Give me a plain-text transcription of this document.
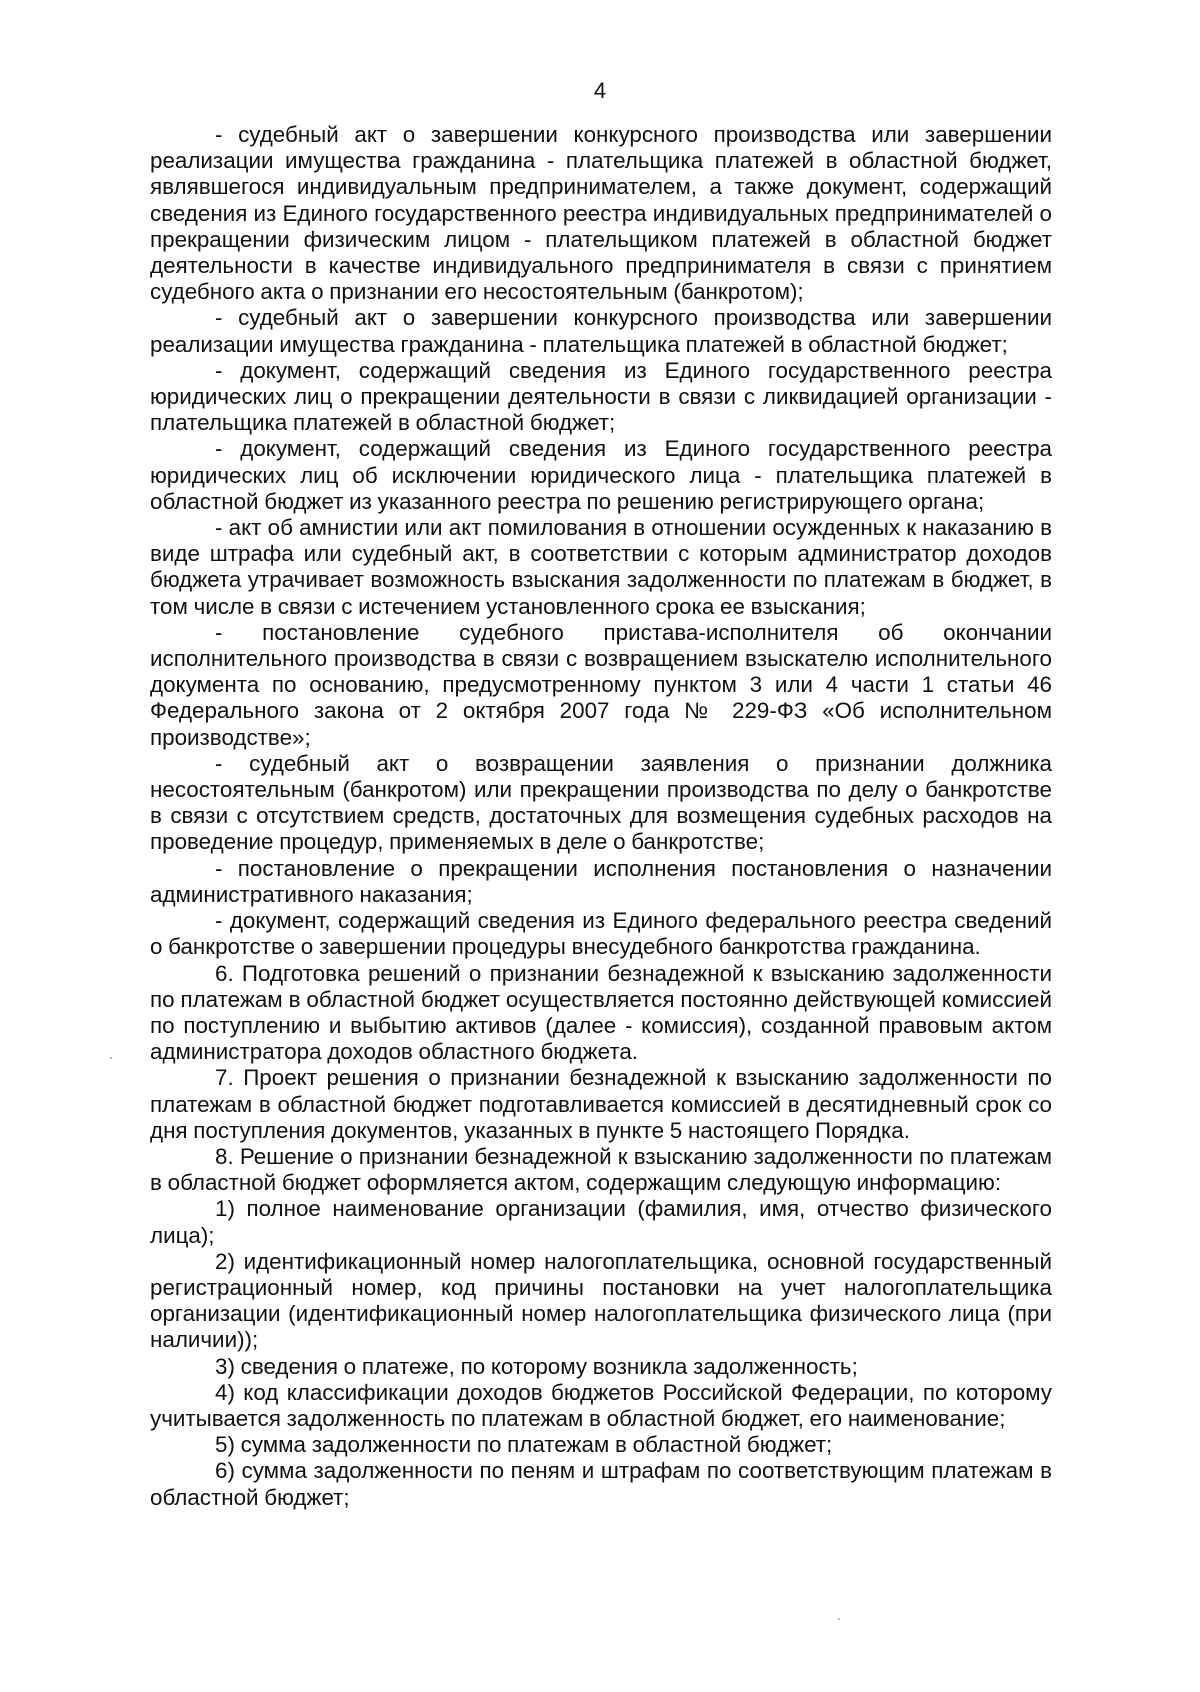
4

- судебный акт о завершении конкурсного производства или завершении реализации имущества гражданина - плательщика платежей в областной бюджет, являвшегося индивидуальным предпринимателем, а также документ, содержащий сведения из Единого государственного реестра индивидуальных предпринимателей о прекращении физическим лицом - плательщиком платежей в областной бюджет деятельности в качестве индивидуального предпринимателя в связи с принятием судебного акта о признании его несостоятельным (банкротом);

- судебный акт о завершении конкурсного производства или завершении реализации имущества гражданина - плательщика платежей в областной бюджет;

- документ, содержащий сведения из Единого государственного реестра юридических лиц о прекращении деятельности в связи с ликвидацией организации - плательщика платежей в областной бюджет;

- документ, содержащий сведения из Единого государственного реестра юридических лиц об исключении юридического лица - плательщика платежей в областной бюджет из указанного реестра по решению регистрирующего органа;

- акт об амнистии или акт помилования в отношении осужденных к наказанию в виде штрафа или судебный акт, в соответствии с которым администратор доходов бюджета утрачивает возможность взыскания задолженности по платежам в бюджет, в том числе в связи с истечением установленного срока ее взыскания;

- постановление судебного пристава-исполнителя об окончании исполнительного производства в связи с возвращением взыскателю исполнительного документа по основанию, предусмотренному пунктом 3 или 4 части 1 статьи 46 Федерального закона от 2 октября 2007 года № 229-ФЗ «Об исполнительном производстве»;

- судебный акт о возвращении заявления о признании должника несостоятельным (банкротом) или прекращении производства по делу о банкротстве в связи с отсутствием средств, достаточных для возмещения судебных расходов на проведение процедур, применяемых в деле о банкротстве;

- постановление о прекращении исполнения постановления о назначении административного наказания;

- документ, содержащий сведения из Единого федерального реестра сведений о банкротстве о завершении процедуры внесудебного банкротства гражданина.

6. Подготовка решений о признании безнадежной к взысканию задолженности по платежам в областной бюджет осуществляется постоянно действующей комиссией по поступлению и выбытию активов (далее - комиссия), созданной правовым актом администратора доходов областного бюджета.

7. Проект решения о признании безнадежной к взысканию задолженности по платежам в областной бюджет подготавливается комиссией в десятидневный срок со дня поступления документов, указанных в пункте 5 настоящего Порядка.

8. Решение о признании безнадежной к взысканию задолженности по платежам в областной бюджет оформляется актом, содержащим следующую информацию:

1) полное наименование организации (фамилия, имя, отчество физического лица);

2) идентификационный номер налогоплательщика, основной государственный регистрационный номер, код причины постановки на учет налогоплательщика организации (идентификационный номер налогоплательщика физического лица (при наличии));

3) сведения о платеже, по которому возникла задолженность;

4) код классификации доходов бюджетов Российской Федерации, по которому учитывается задолженность по платежам в областной бюджет, его наименование;

5) сумма задолженности по платежам в областной бюджет;

6) сумма задолженности по пеням и штрафам по соответствующим платежам в областной бюджет;
